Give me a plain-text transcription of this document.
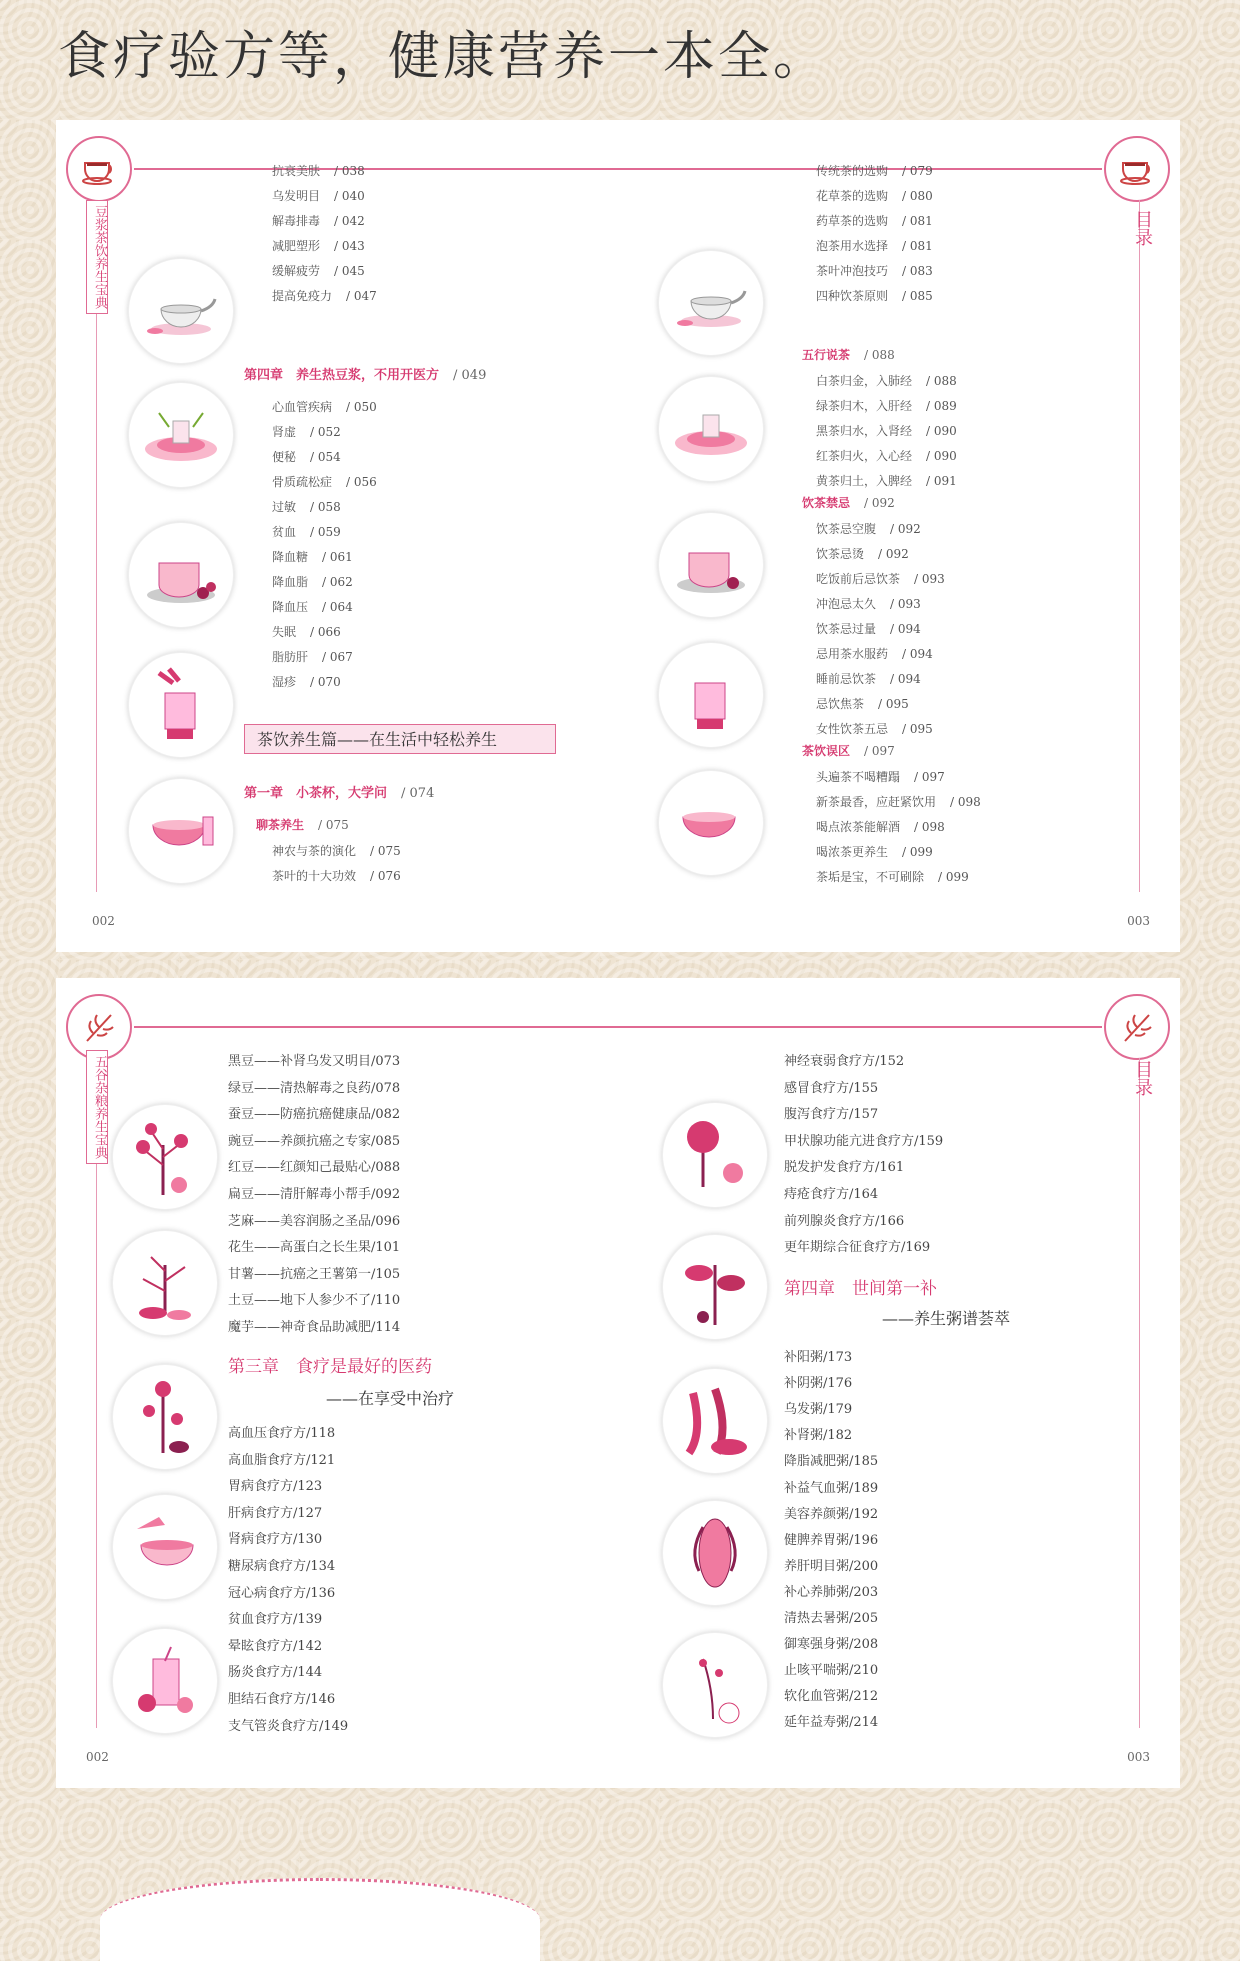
食疗验方等，健康营养一本全。
豆浆茶饮养生宝典	目录
抗衰美肤 / 038
乌发明目 / 040
解毒排毒 / 042
减肥塑形 / 043
缓解疲劳 / 045
提高免疫力 / 047
第四章　养生热豆浆，不用开医方 / 049
心血管疾病 / 050
肾虚 / 052
便秘 / 054
骨质疏松症 / 056
过敏 / 058
贫血 / 059
降血糖 / 061
降血脂 / 062
降血压 / 064
失眠 / 066
脂肪肝 / 067
湿疹 / 070
茶饮养生篇——在生活中轻松养生
第一章　小茶杯，大学问 / 074
聊茶养生 / 075
神农与茶的演化 / 075
茶叶的十大功效 / 076
传统茶的选购 / 079
花草茶的选购 / 080
药草茶的选购 / 081
泡茶用水选择 / 081
茶叶冲泡技巧 / 083
四种饮茶原则 / 085
五行说茶 / 088
白茶归金，入肺经 / 088
绿茶归木，入肝经 / 089
黑茶归水，入肾经 / 090
红茶归火，入心经 / 090
黄茶归土，入脾经 / 091
饮茶禁忌 / 092
饮茶忌空腹 / 092
饮茶忌烫 / 092
吃饭前后忌饮茶 / 093
冲泡忌太久 / 093
饮茶忌过量 / 094
忌用茶水服药 / 094
睡前忌饮茶 / 094
忌饮焦茶 / 095
女性饮茶五忌 / 095
茶饮误区 / 097
头遍茶不喝糟蹋 / 097
新茶最香，应赶紧饮用 / 098
喝点浓茶能解酒 / 098
喝浓茶更养生 / 099
茶垢是宝，不可刷除 / 099
002	003
五谷杂粮养生宝典	目录
黑豆——补肾乌发又明目/073
绿豆——清热解毒之良药/078
蚕豆——防癌抗癌健康品/082
豌豆——养颜抗癌之专家/085
红豆——红颜知己最贴心/088
扁豆——清肝解毒小帮手/092
芝麻——美容润肠之圣品/096
花生——高蛋白之长生果/101
甘薯——抗癌之王薯第一/105
土豆——地下人参少不了/110
魔芋——神奇食品助减肥/114
第三章　食疗是最好的医药
——在享受中治疗
高血压食疗方/118
高血脂食疗方/121
胃病食疗方/123
肝病食疗方/127
肾病食疗方/130
糖尿病食疗方/134
冠心病食疗方/136
贫血食疗方/139
晕眩食疗方/142
肠炎食疗方/144
胆结石食疗方/146
支气管炎食疗方/149
神经衰弱食疗方/152
感冒食疗方/155
腹泻食疗方/157
甲状腺功能亢进食疗方/159
脱发护发食疗方/161
痔疮食疗方/164
前列腺炎食疗方/166
更年期综合征食疗方/169
第四章　世间第一补
——养生粥谱荟萃
补阳粥/173
补阴粥/176
乌发粥/179
补肾粥/182
降脂减肥粥/185
补益气血粥/189
美容养颜粥/192
健脾养胃粥/196
养肝明目粥/200
补心养肺粥/203
清热去暑粥/205
御寒强身粥/208
止咳平喘粥/210
软化血管粥/212
延年益寿粥/214
002	003
